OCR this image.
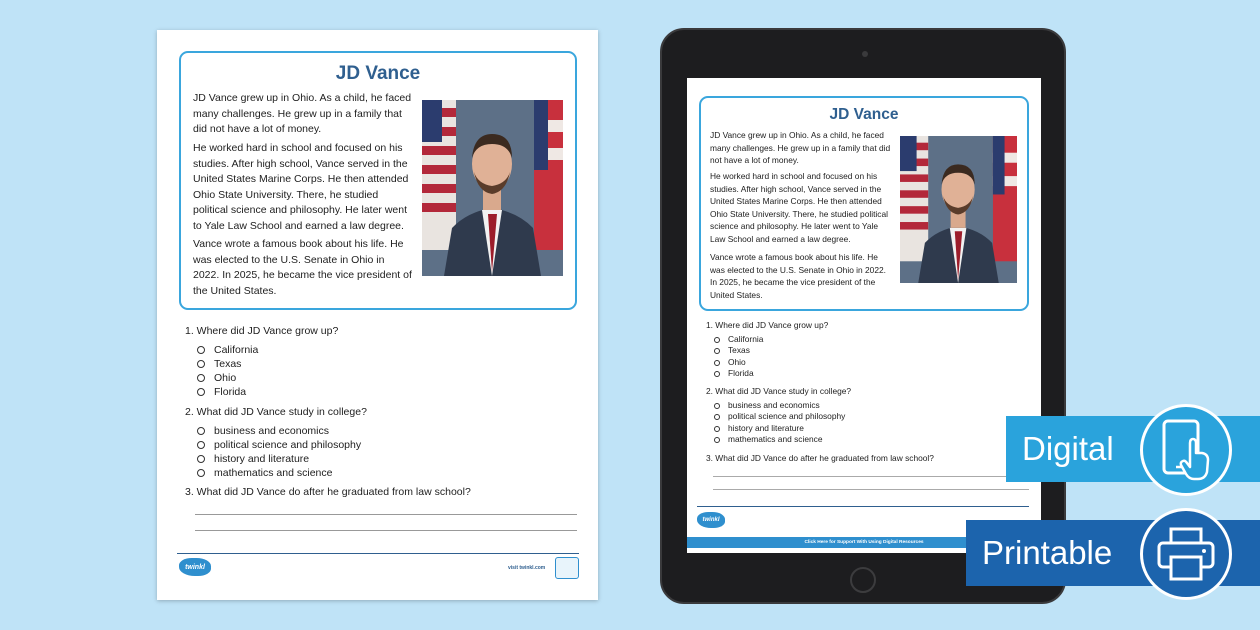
JD Vance

JD Vance grew up in Ohio. As a child, he faced many challenges. He grew up in a family that did not have a lot of money.

He worked hard in school and focused on his studies. After high school, Vance served in the United States Marine Corps. He then attended Ohio State University. There, he studied political science and philosophy. He later went to Yale Law School and earned a law degree.

Vance wrote a famous book about his life. He was elected to the U.S. Senate in Ohio in 2022. In 2025, he became the vice president of the United States.

1. Where did JD Vance grow up?

California
Texas
Ohio
Florida

2. What did JD Vance study in college?

business and economics
political science and philosophy
history and literature
mathematics and science

3. What did JD Vance do after he graduated from law school?

twinkl	visit twinkl.com
JD Vance

JD Vance grew up in Ohio. As a child, he faced many challenges. He grew up in a family that did not have a lot of money.

He worked hard in school and focused on his studies. After high school, Vance served in the United States Marine Corps. He then attended Ohio State University. There, he studied political science and philosophy. He later went to Yale Law School and earned a law degree.

Vance wrote a famous book about his life. He was elected to the U.S. Senate in Ohio in 2022. In 2025, he became the vice president of the United States.

1. Where did JD Vance grow up?

California
Texas
Ohio
Florida

2. What did JD Vance study in college?

business and economics
political science and philosophy
history and literature
mathematics and science

3. What did JD Vance do after he graduated from law school?

twinkl
Click Here for Support With Using Digital Resources
Digital
Printable
